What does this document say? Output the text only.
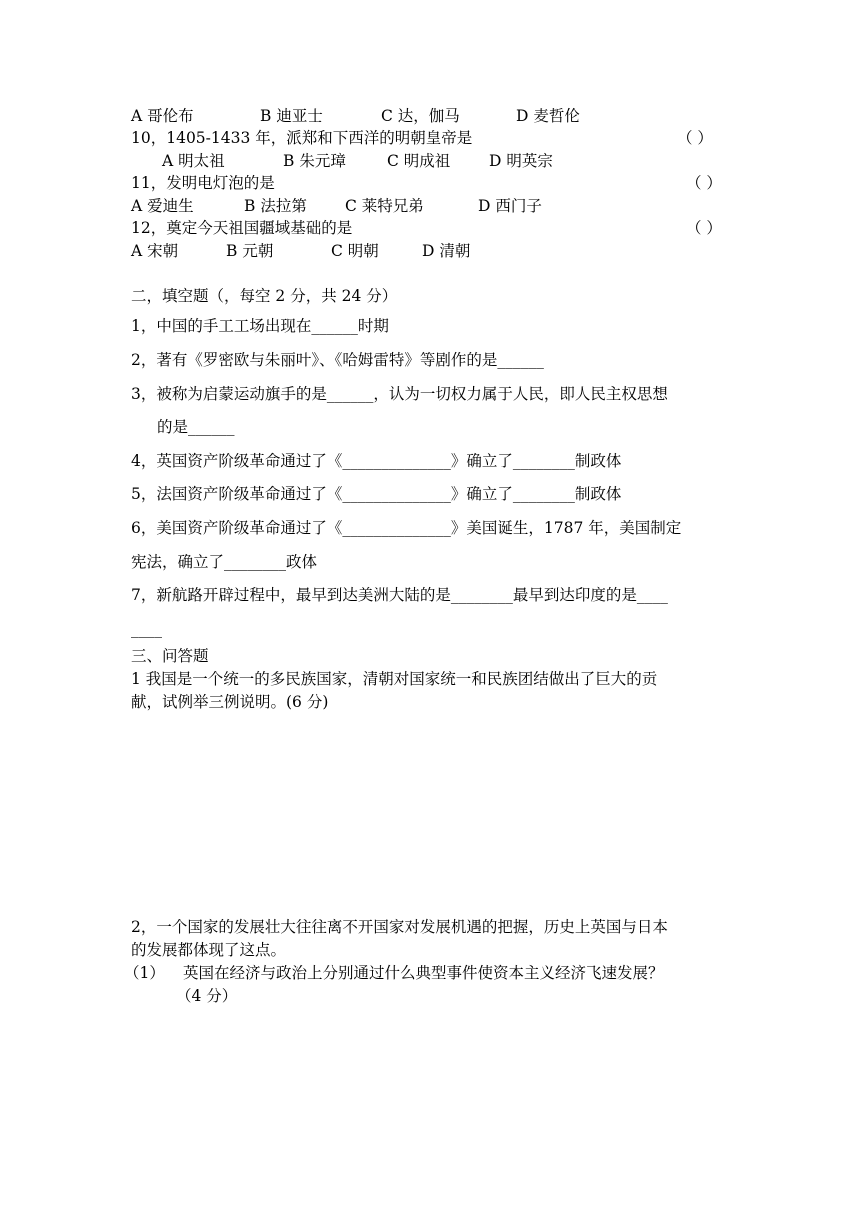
A 哥伦布	B 迪亚士	C 达，伽马	D 麦哲伦
10，1405-1433 年，派郑和下西洋的明朝皇帝是	（ ）
A 明太祖	B 朱元璋	C 明成祖 D 明英宗
11，发明电灯泡的是	（ ）
A 爱迪生	B 法拉第 C 莱特兄弟	D 西门子
12，奠定今天祖国疆域基础的是	（ ）
A 宋朝	B 元朝	C 明朝	D 清朝
二，填空题（，每空 2 分，共 24 分）
1，中国的手工工场出现在______时期
2，著有《罗密欧与朱丽叶》、《哈姆雷特》等剧作的是______
3，被称为启蒙运动旗手的是______，认为一切权力属于人民，即人民主权思想
的是______
4，英国资产阶级革命通过了《______________》确立了________制政体
5，法国资产阶级革命通过了《______________》确立了________制政体
6，美国资产阶级革命通过了《______________》美国诞生，1787 年，美国制定
宪法，确立了________政体
7，新航路开辟过程中，最早到达美洲大陆的是________最早到达印度的是____
____
三、问答题
1 我国是一个统一的多民族国家，清朝对国家统一和民族团结做出了巨大的贡
献，试例举三例说明。(6 分)
2，一个国家的发展壮大往往离不开国家对发展机遇的把握，历史上英国与日本
的发展都体现了这点。
（1） 英国在经济与政治上分别通过什么典型事件使资本主义经济飞速发展？
（4 分）
